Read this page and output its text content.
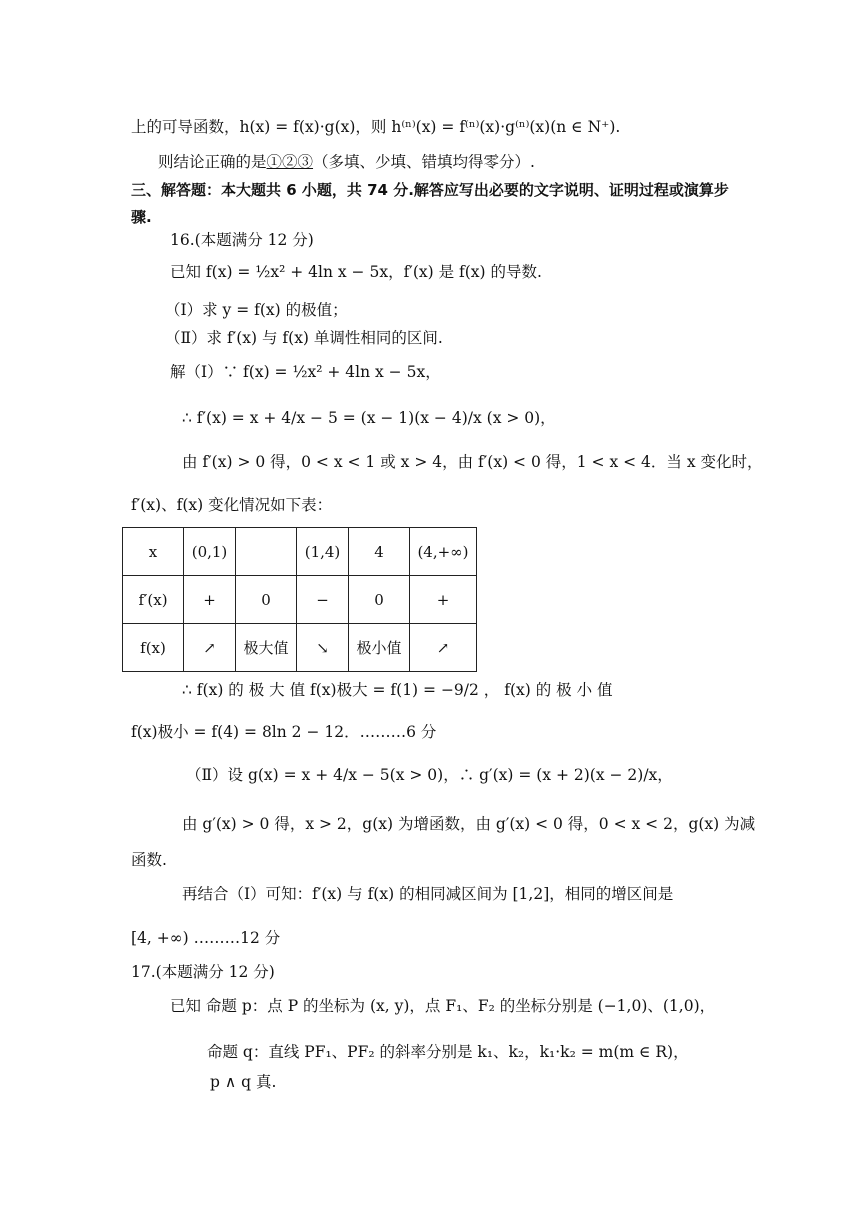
上的可导函数，h(x) = f(x)·g(x)，则 h⁽ⁿ⁾(x) = f⁽ⁿ⁾(x)·g⁽ⁿ⁾(x)(n ∈ N⁺).
则结论正确的是①②③（多填、少填、错填均得零分）.
三、解答题：本大题共 6 小题，共 74 分.解答应写出必要的文字说明、证明过程或演算步
骤.
16.(本题满分 12 分)
已知 f(x) = ½x² + 4ln x − 5x，f′(x) 是 f(x) 的导数.
（Ⅰ）求 y = f(x) 的极值；
（Ⅱ）求 f′(x) 与 f(x) 单调性相同的区间.
解（Ⅰ）∵ f(x) = ½x² + 4ln x − 5x，
∴ f′(x) = x + 4/x − 5 = (x − 1)(x − 4)/x (x > 0)，
由 f′(x) > 0 得，0 < x < 1 或 x > 4，由 f′(x) < 0 得，1 < x < 4．当 x 变化时，
f′(x)、f(x) 变化情况如下表：
x	(0,1)		(1,4)	4	(4,+∞)
f′(x)	+	0	−	0	+
f(x)	↗	极大值	↘	极小值	↗
∴ f(x) 的 极 大 值 f(x)极大 = f(1) = −9/2 ， f(x) 的 极 小 值
f(x)极小 = f(4) = 8ln 2 − 12．………6 分
（Ⅱ）设 g(x) = x + 4/x − 5(x > 0)，∴ g′(x) = (x + 2)(x − 2)/x，
由 g′(x) > 0 得，x > 2，g(x) 为增函数，由 g′(x) < 0 得，0 < x < 2，g(x) 为减
函数.
再结合（Ⅰ）可知：f′(x) 与 f(x) 的相同减区间为 [1,2]，相同的增区间是
[4, +∞) ………12 分
17.(本题满分 12 分)
已知 命题 p：点 P 的坐标为 (x, y)，点 F₁、F₂ 的坐标分别是 (−1,0)、(1,0)，
命题 q：直线 PF₁、PF₂ 的斜率分别是 k₁、k₂，k₁·k₂ = m(m ∈ R)，
p ∧ q 真.
